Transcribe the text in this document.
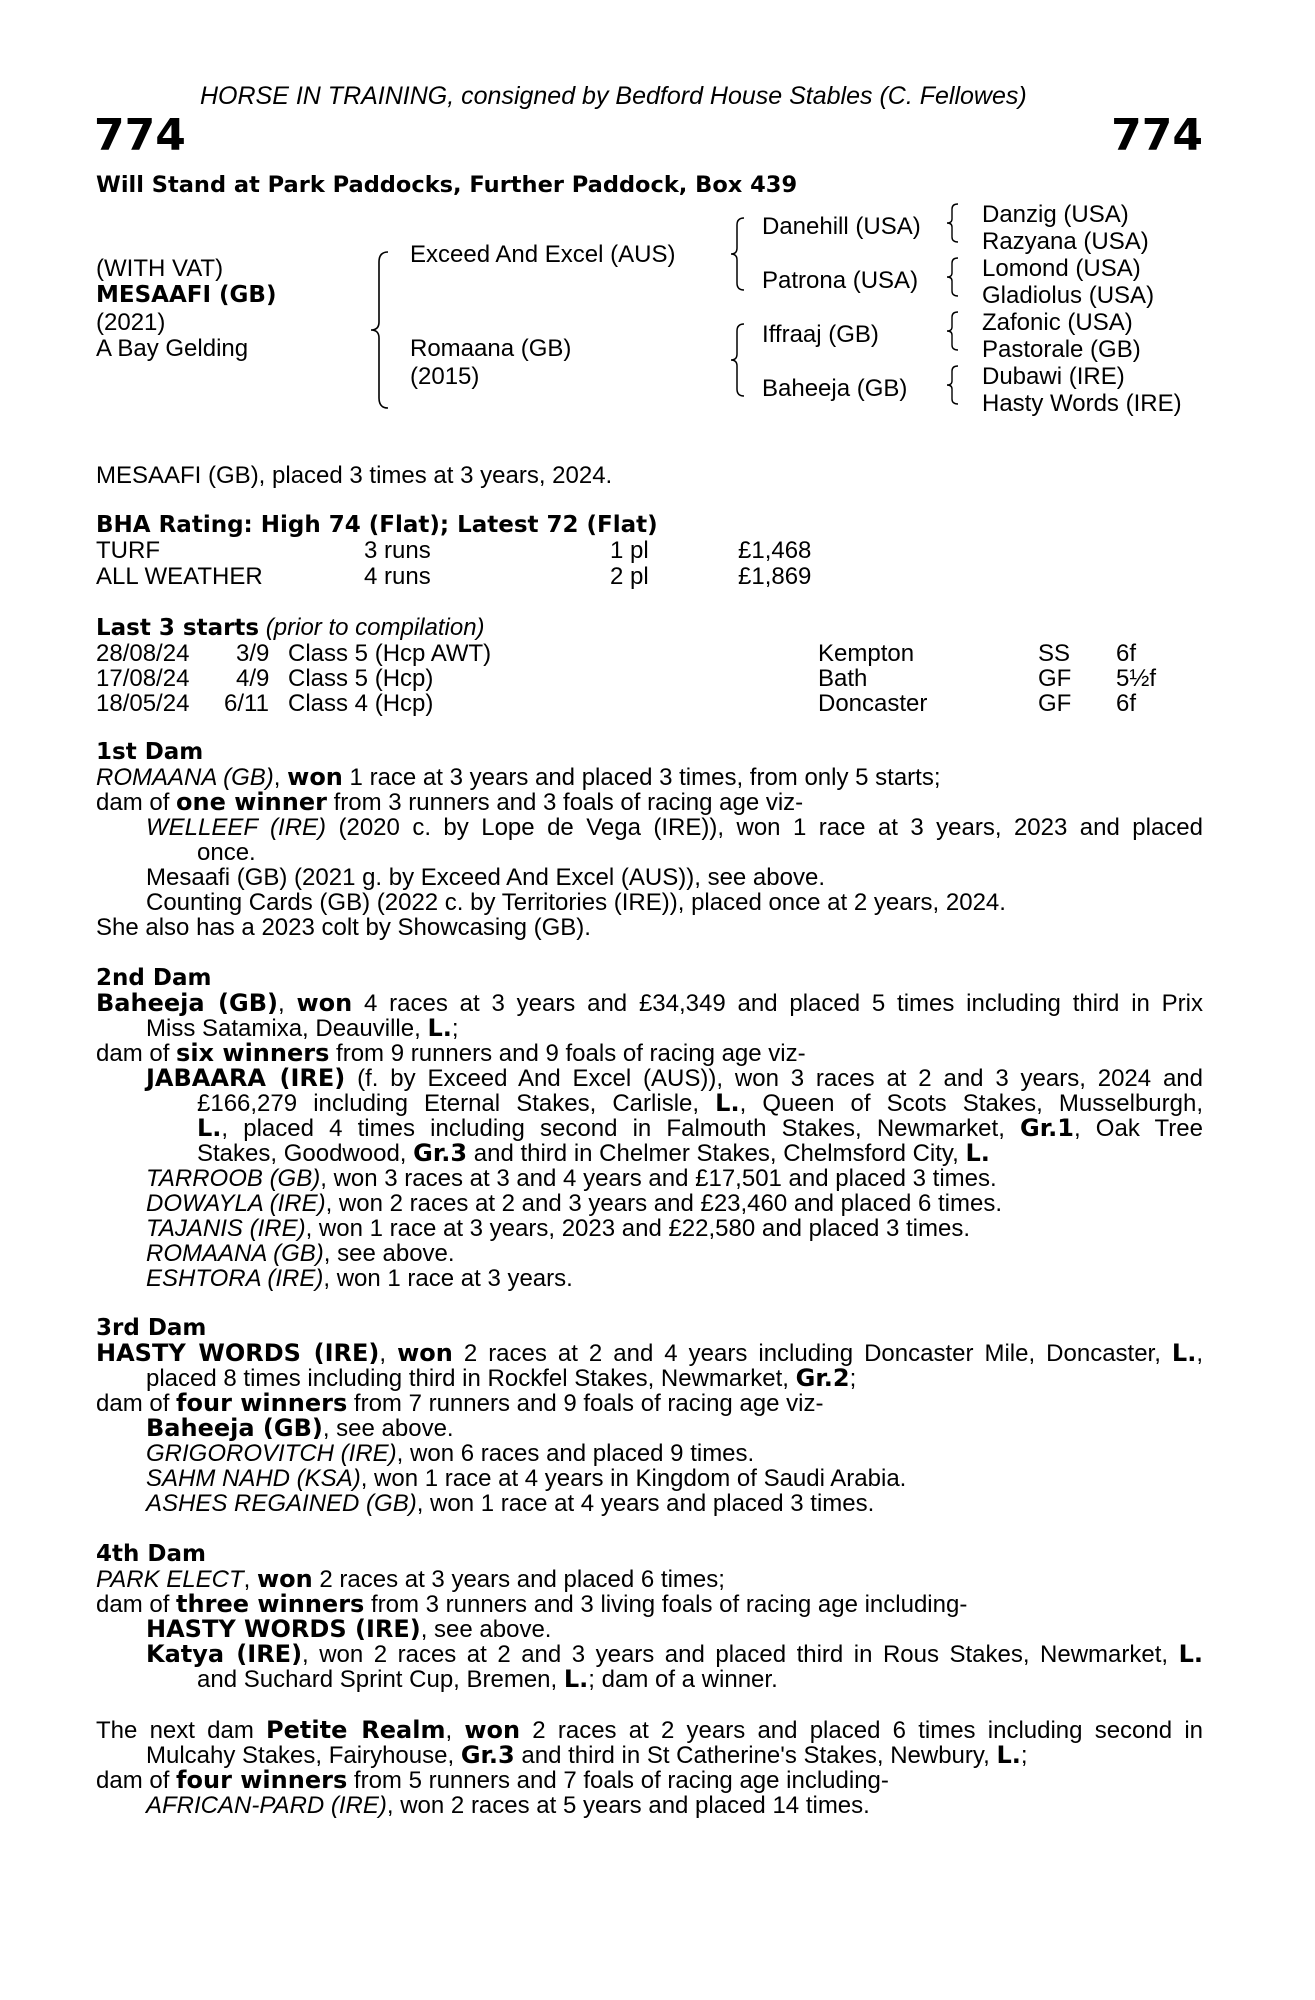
HORSE IN TRAINING, consigned by Bedford House Stables (C. Fellowes)
774	774
Will Stand at Park Paddocks, Further Paddock, Box 439
(WITH VAT)
MESAAFI (GB)
(2021)
A Bay Gelding
Exceed And Excel (AUS)
Romaana (GB)
(2015)
Danehill (USA)
Patrona (USA)
Iffraaj (GB)
Baheeja (GB)
Danzig (USA)
Razyana (USA)
Lomond (USA)
Gladiolus (USA)
Zafonic (USA)
Pastorale (GB)
Dubawi (IRE)
Hasty Words (IRE)
MESAAFI (GB), placed 3 times at 3 years, 2024.
BHA Rating: High 74 (Flat); Latest 72 (Flat)
TURF	3 runs	1 pl	£1,468
ALL WEATHER	4 runs	2 pl	£1,869
Last 3 starts (prior to compilation)
28/08/24 3/9 Class 5 (Hcp AWT)	Kempton	SS 6f
17/08/24 4/9 Class 5 (Hcp)	Bath	GF 5½f
18/05/24 6/11 Class 4 (Hcp)	Doncaster	GF 6f
1st Dam
ROMAANA (GB), won 1 race at 3 years and placed 3 times, from only 5 starts;
dam of one winner from 3 runners and 3 foals of racing age viz-
WELLEEF (IRE) (2020 c. by Lope de Vega (IRE)), won 1 race at 3 years, 2023 and placed
once.
Mesaafi (GB) (2021 g. by Exceed And Excel (AUS)), see above.
Counting Cards (GB) (2022 c. by Territories (IRE)), placed once at 2 years, 2024.
She also has a 2023 colt by Showcasing (GB).
2nd Dam
Baheeja (GB), won 4 races at 3 years and £34,349 and placed 5 times including third in Prix
Miss Satamixa, Deauville, L.;
dam of six winners from 9 runners and 9 foals of racing age viz-
JABAARA (IRE) (f. by Exceed And Excel (AUS)), won 3 races at 2 and 3 years, 2024 and
£166,279 including Eternal Stakes, Carlisle, L., Queen of Scots Stakes, Musselburgh,
L., placed 4 times including second in Falmouth Stakes, Newmarket, Gr.1, Oak Tree
Stakes, Goodwood, Gr.3 and third in Chelmer Stakes, Chelmsford City, L.
TARROOB (GB), won 3 races at 3 and 4 years and £17,501 and placed 3 times.
DOWAYLA (IRE), won 2 races at 2 and 3 years and £23,460 and placed 6 times.
TAJANIS (IRE), won 1 race at 3 years, 2023 and £22,580 and placed 3 times.
ROMAANA (GB), see above.
ESHTORA (IRE), won 1 race at 3 years.
3rd Dam
HASTY WORDS (IRE), won 2 races at 2 and 4 years including Doncaster Mile, Doncaster, L.,
placed 8 times including third in Rockfel Stakes, Newmarket, Gr.2;
dam of four winners from 7 runners and 9 foals of racing age viz-
Baheeja (GB), see above.
GRIGOROVITCH (IRE), won 6 races and placed 9 times.
SAHM NAHD (KSA), won 1 race at 4 years in Kingdom of Saudi Arabia.
ASHES REGAINED (GB), won 1 race at 4 years and placed 3 times.
4th Dam
PARK ELECT, won 2 races at 3 years and placed 6 times;
dam of three winners from 3 runners and 3 living foals of racing age including-
HASTY WORDS (IRE), see above.
Katya (IRE), won 2 races at 2 and 3 years and placed third in Rous Stakes, Newmarket, L.
and Suchard Sprint Cup, Bremen, L.; dam of a winner.
The next dam Petite Realm, won 2 races at 2 years and placed 6 times including second in
Mulcahy Stakes, Fairyhouse, Gr.3 and third in St Catherine's Stakes, Newbury, L.;
dam of four winners from 5 runners and 7 foals of racing age including-
AFRICAN-PARD (IRE), won 2 races at 5 years and placed 14 times.
